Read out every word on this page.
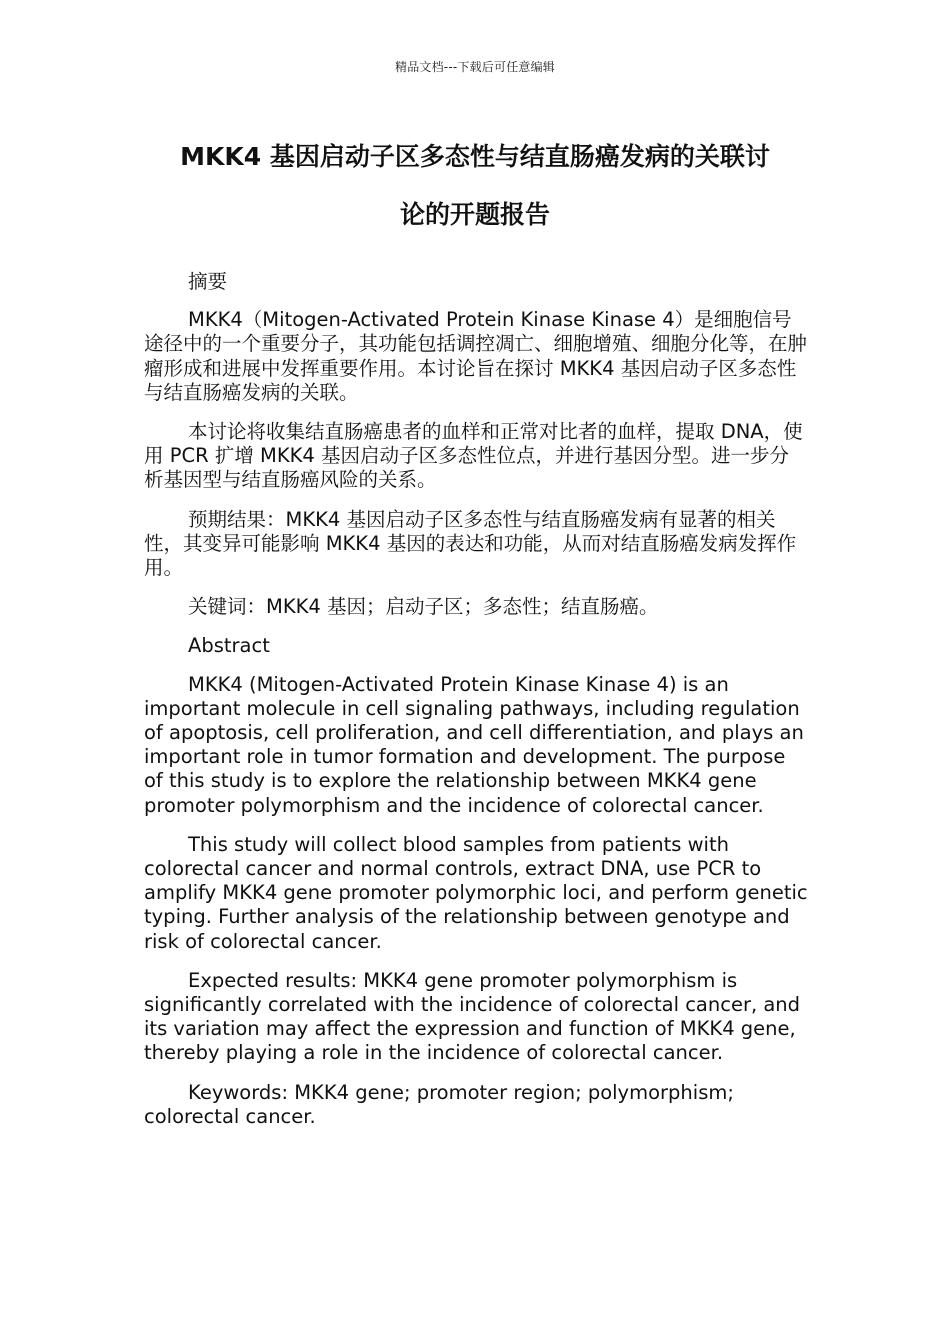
精品文档---下载后可任意编辑
MKK4 基因启动子区多态性与结直肠癌发病的关联讨
论的开题报告

摘要

MKK4（Mitogen-Activated Protein Kinase Kinase 4）是细胞信号途径中的一个重要分子，其功能包括调控凋亡、细胞增殖、细胞分化等，在肿瘤形成和进展中发挥重要作用。本讨论旨在探讨 MKK4 基因启动子区多态性与结直肠癌发病的关联。

本讨论将收集结直肠癌患者的血样和正常对比者的血样，提取 DNA，使用 PCR 扩增 MKK4 基因启动子区多态性位点，并进行基因分型。进一步分析基因型与结直肠癌风险的关系。

预期结果：MKK4 基因启动子区多态性与结直肠癌发病有显著的相关性，其变异可能影响 MKK4 基因的表达和功能，从而对结直肠癌发病发挥作用。

关键词：MKK4 基因；启动子区；多态性；结直肠癌。

Abstract

MKK4 (Mitogen-Activated Protein Kinase Kinase 4) is an important molecule in cell signaling pathways, including regulation of apoptosis, cell proliferation, and cell differentiation, and plays an important role in tumor formation and development. The purpose of this study is to explore the relationship between MKK4 gene promoter polymorphism and the incidence of colorectal cancer.

This study will collect blood samples from patients with colorectal cancer and normal controls, extract DNA, use PCR to amplify MKK4 gene promoter polymorphic loci, and perform genetic typing. Further analysis of the relationship between genotype and risk of colorectal cancer.

Expected results: MKK4 gene promoter polymorphism is significantly correlated with the incidence of colorectal cancer, and its variation may affect the expression and function of MKK4 gene, thereby playing a role in the incidence of colorectal cancer.

Keywords: MKK4 gene; promoter region; polymorphism; colorectal cancer.
